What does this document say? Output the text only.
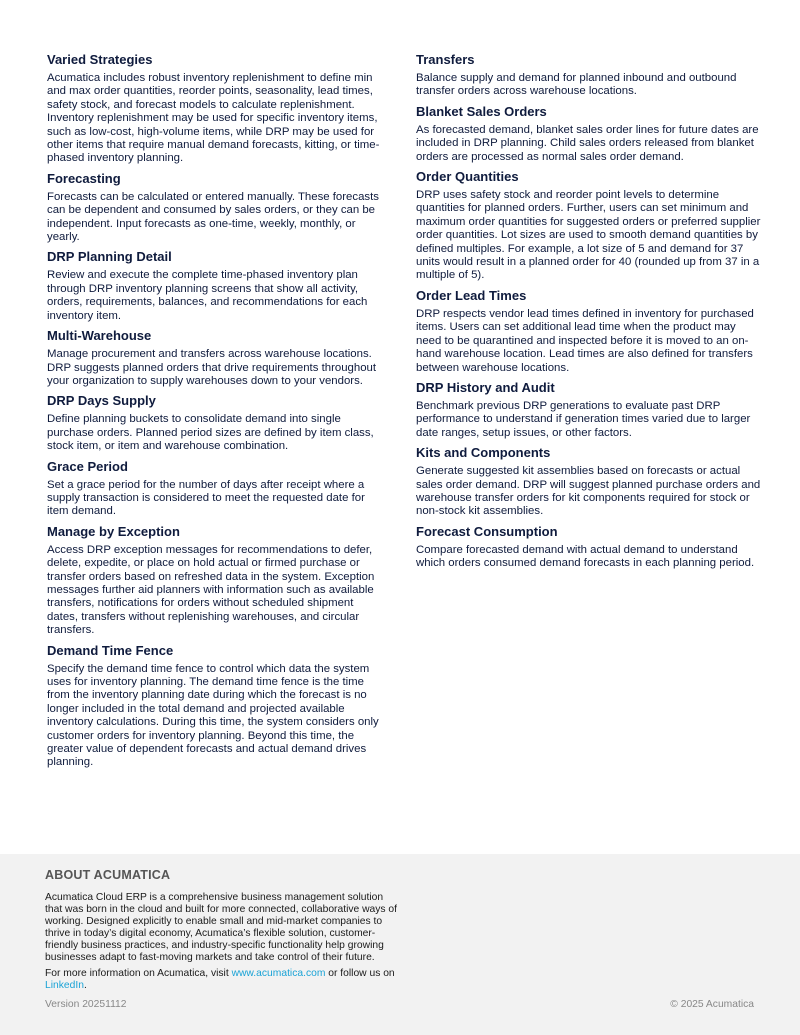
Varied Strategies

Acumatica includes robust inventory replenishment to define min and max order quantities, reorder points, seasonality, lead times, safety stock, and forecast models to calculate replenishment. Inventory replenishment may be used for specific inventory items, such as low-cost, high-volume items, while DRP may be used for other items that require manual demand forecasts, kitting, or time-phased inventory planning.

Forecasting

Forecasts can be calculated or entered manually. These forecasts can be dependent and consumed by sales orders, or they can be independent. Input forecasts as one-time, weekly, monthly, or yearly.

DRP Planning Detail

Review and execute the complete time-phased inventory plan through DRP inventory planning screens that show all activity, orders, requirements, balances, and recommendations for each inventory item.

Multi-Warehouse

Manage procurement and transfers across warehouse locations. DRP suggests planned orders that drive requirements throughout your organization to supply warehouses down to your vendors.

DRP Days Supply

Define planning buckets to consolidate demand into single purchase orders. Planned period sizes are defined by item class, stock item, or item and warehouse combination.

Grace Period

Set a grace period for the number of days after receipt where a supply transaction is considered to meet the requested date for item demand.

Manage by Exception

Access DRP exception messages for recommendations to defer, delete, expedite, or place on hold actual or firmed purchase or transfer orders based on refreshed data in the system. Exception messages further aid planners with information such as available transfers, notifications for orders without scheduled shipment dates, transfers without replenishing warehouses, and circular transfers.

Demand Time Fence

Specify the demand time fence to control which data the system uses for inventory planning. The demand time fence is the time from the inventory planning date during which the forecast is no longer included in the total demand and projected available inventory calculations. During this time, the system considers only customer orders for inventory planning. Beyond this time, the greater value of dependent forecasts and actual demand drives planning.

Transfers

Balance supply and demand for planned inbound and outbound transfer orders across warehouse locations.

Blanket Sales Orders

As forecasted demand, blanket sales order lines for future dates are included in DRP planning. Child sales orders released from blanket orders are processed as normal sales order demand.

Order Quantities

DRP uses safety stock and reorder point levels to determine quantities for planned orders. Further, users can set minimum and maximum order quantities for suggested orders or preferred supplier order quantities. Lot sizes are used to smooth demand quantities by defined multiples. For example, a lot size of 5 and demand for 37 units would result in a planned order for 40 (rounded up from 37 in a multiple of 5).

Order Lead Times

DRP respects vendor lead times defined in inventory for purchased items. Users can set additional lead time when the product may need to be quarantined and inspected before it is moved to an on-hand warehouse location. Lead times are also defined for transfers between warehouse locations.

DRP History and Audit

Benchmark previous DRP generations to evaluate past DRP performance to understand if generation times varied due to larger date ranges, setup issues, or other factors.

Kits and Components

Generate suggested kit assemblies based on forecasts or actual sales order demand. DRP will suggest planned purchase orders and warehouse transfer orders for kit components required for stock or non-stock kit assemblies.

Forecast Consumption

Compare forecasted demand with actual demand to understand which orders consumed demand forecasts in each planning period.

ABOUT ACUMATICA

Acumatica Cloud ERP is a comprehensive business management solution that was born in the cloud and built for more connected, collaborative ways of working. Designed explicitly to enable small and mid-market companies to thrive in today’s digital economy, Acumatica’s flexible solution, customer-friendly business practices, and industry-specific functionality help growing businesses adapt to fast-moving markets and take control of their future.

For more information on Acumatica, visit www.acumatica.com or follow us on LinkedIn.

Version 20251112	© 2025 Acumatica
